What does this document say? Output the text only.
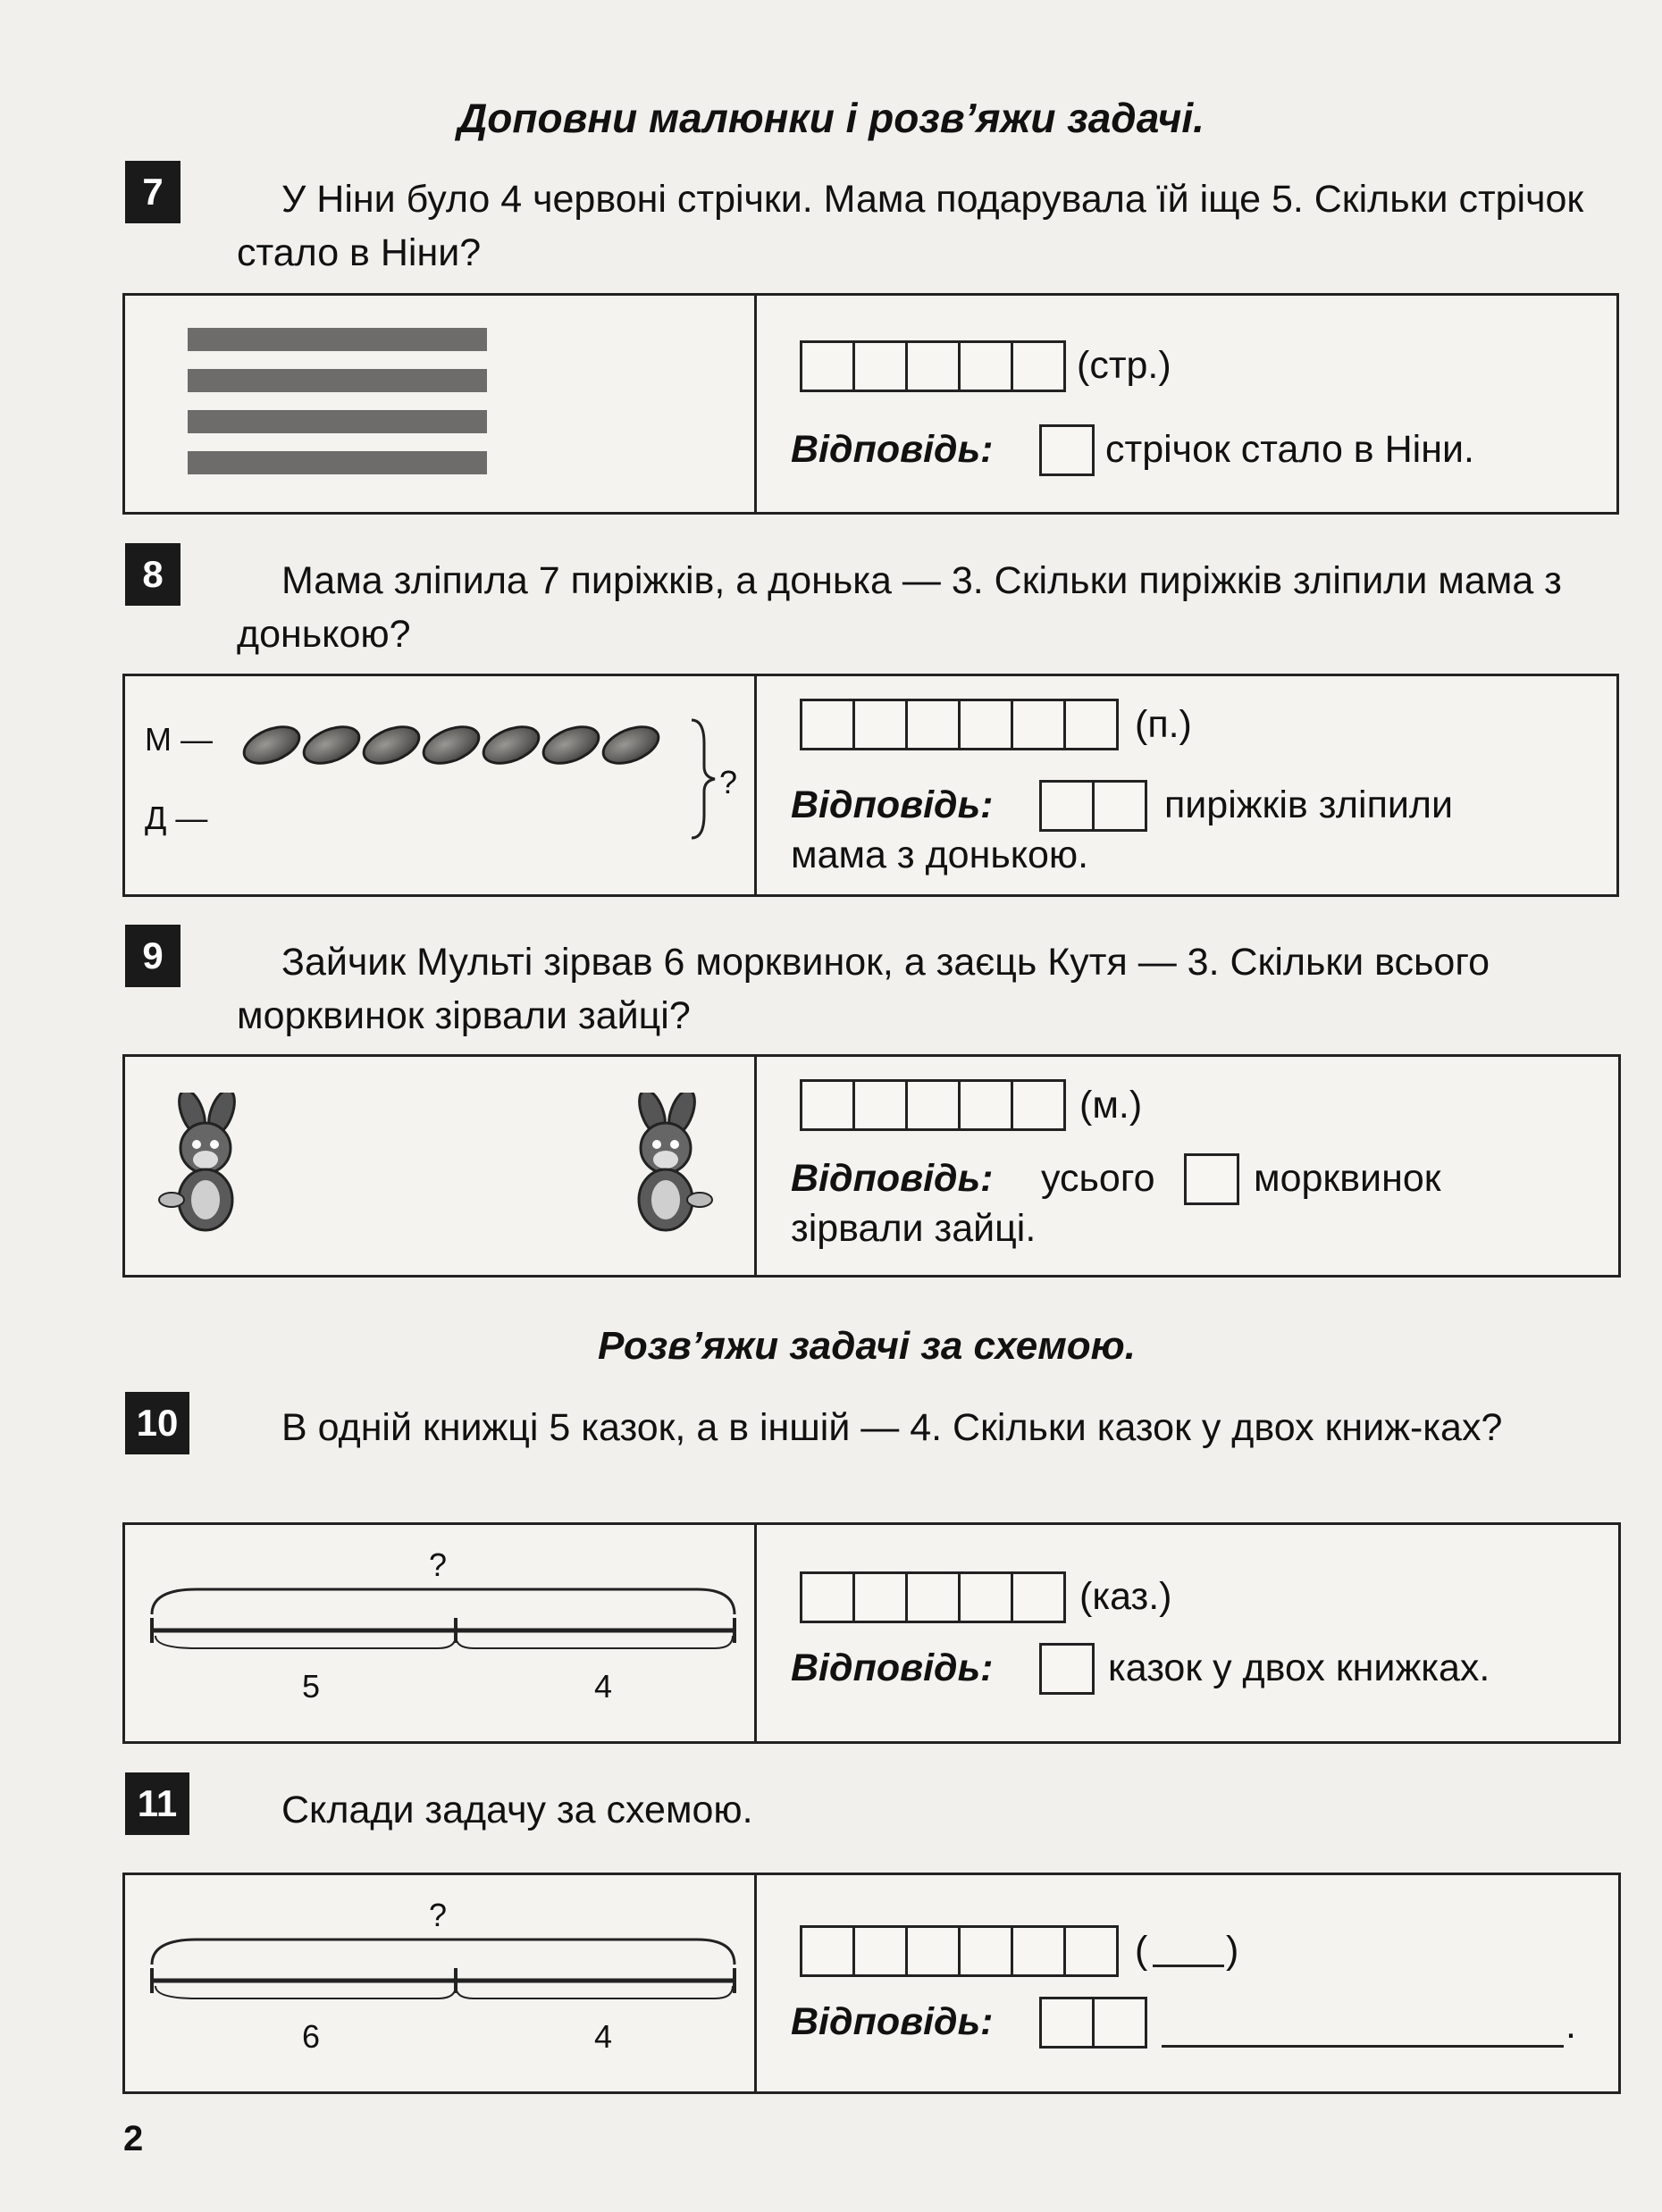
Доповни малюнки і розв’яжи задачі.
7	У Ніни було 4 червоні стрічки. Мама подарувала їй іще 5. Скільки стрічок стало в Ніни?
(стр.)
Відповідь:	стрічок стало в Ніни.
8	Мама зліпила 7 пиріжків, а донька — 3. Скільки пиріжків зліпили мама з донькою?
М —
Д —
?
(п.)
Відповідь:	пиріжків зліпили
мама з донькою.
9	Зайчик Мульті зірвав 6 морквинок, а заєць Кутя — 3. Скільки всього морквинок зірвали зайці?
(м.)
Відповідь: усього	морквинок
зірвали зайці.
Розв’яжи задачі за схемою.
10	В одній книжці 5 казок, а в іншій — 4. Скільки казок у двох книж-ках?
?
5	4
(каз.)
Відповідь:	казок у двох книжках.
11	Склади задачу за схемою.
?
6	4
( )
Відповідь:	.
2
